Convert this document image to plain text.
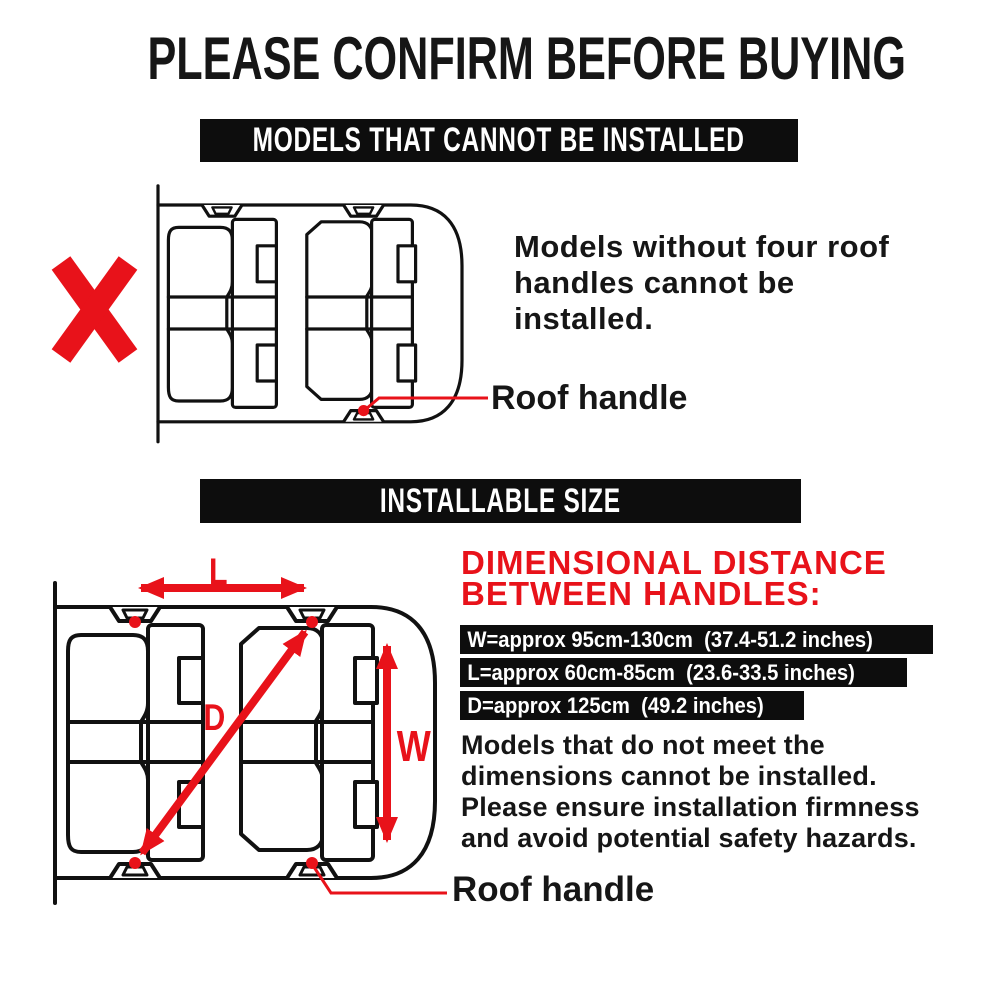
PLEASE CONFIRM BEFORE BUYING
MODELS THAT CANNOT BE INSTALLED
Models without four roof
handles cannot be
installed.
Roof handle
INSTALLABLE SIZE
DIMENSIONAL DISTANCE
BETWEEN HANDLES:
W=approx 95cm-130cm  (37.4-51.2 inches)
L=approx 60cm-85cm  (23.6-33.5 inches)
D=approx 125cm  (49.2 inches)
Models that do not meet the
dimensions cannot be installed.
Please ensure installation firmness
and avoid potential safety hazards.
L
D
W
Roof handle
